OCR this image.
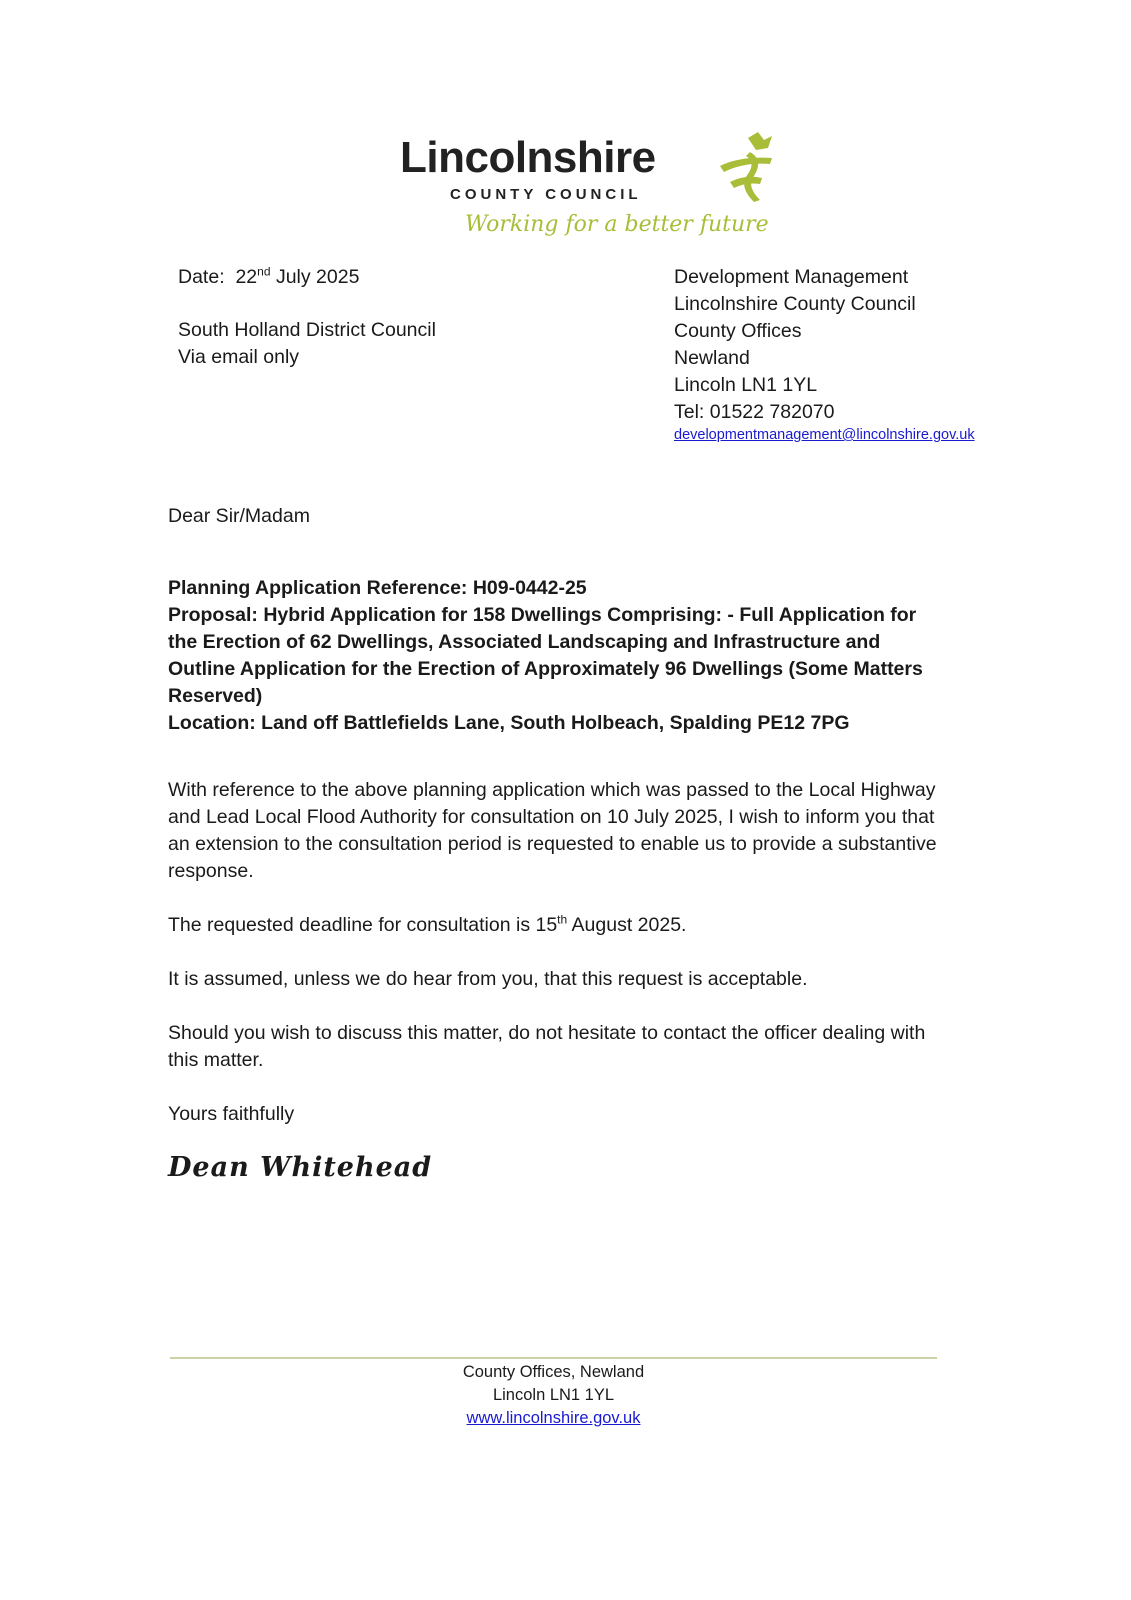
Lincolnshire
COUNTY COUNCIL
Working for a better future
Date: 22nd July 2025
South Holland District Council
Via email only
Development Management
Lincolnshire County Council
County Offices
Newland
Lincoln LN1 1YL
Tel: 01522 782070
developmentmanagement@lincolnshire.gov.uk

Dear Sir/Madam

Planning Application Reference: H09-0442-25

Proposal: Hybrid Application for 158 Dwellings Comprising: - Full Application for the Erection of 62 Dwellings, Associated Landscaping and Infrastructure and Outline Application for the Erection of Approximately 96 Dwellings (Some Matters Reserved)

Location: Land off Battlefields Lane, South Holbeach, Spalding PE12 7PG

With reference to the above planning application which was passed to the Local Highway and Lead Local Flood Authority for consultation on 10 July 2025, I wish to inform you that an extension to the consultation period is requested to enable us to provide a substantive response.

The requested deadline for consultation is 15th August 2025.

It is assumed, unless we do hear from you, that this request is acceptable.

Should you wish to discuss this matter, do not hesitate to contact the officer dealing with this matter.

Yours faithfully

Dean Whitehead
County Offices, Newland
Lincoln LN1 1YL
www.lincolnshire.gov.uk
